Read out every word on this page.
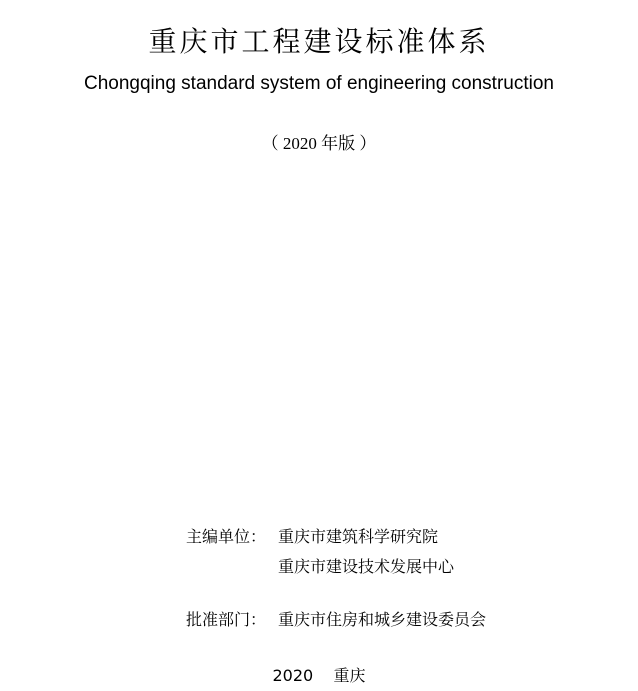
重庆市工程建设标准体系
Chongqing standard system of engineering construction
（ 2020 年版 ）
主编单位： 重庆市建筑科学研究院
重庆市建设技术发展中心
批准部门： 重庆市住房和城乡建设委员会
2020 重庆
